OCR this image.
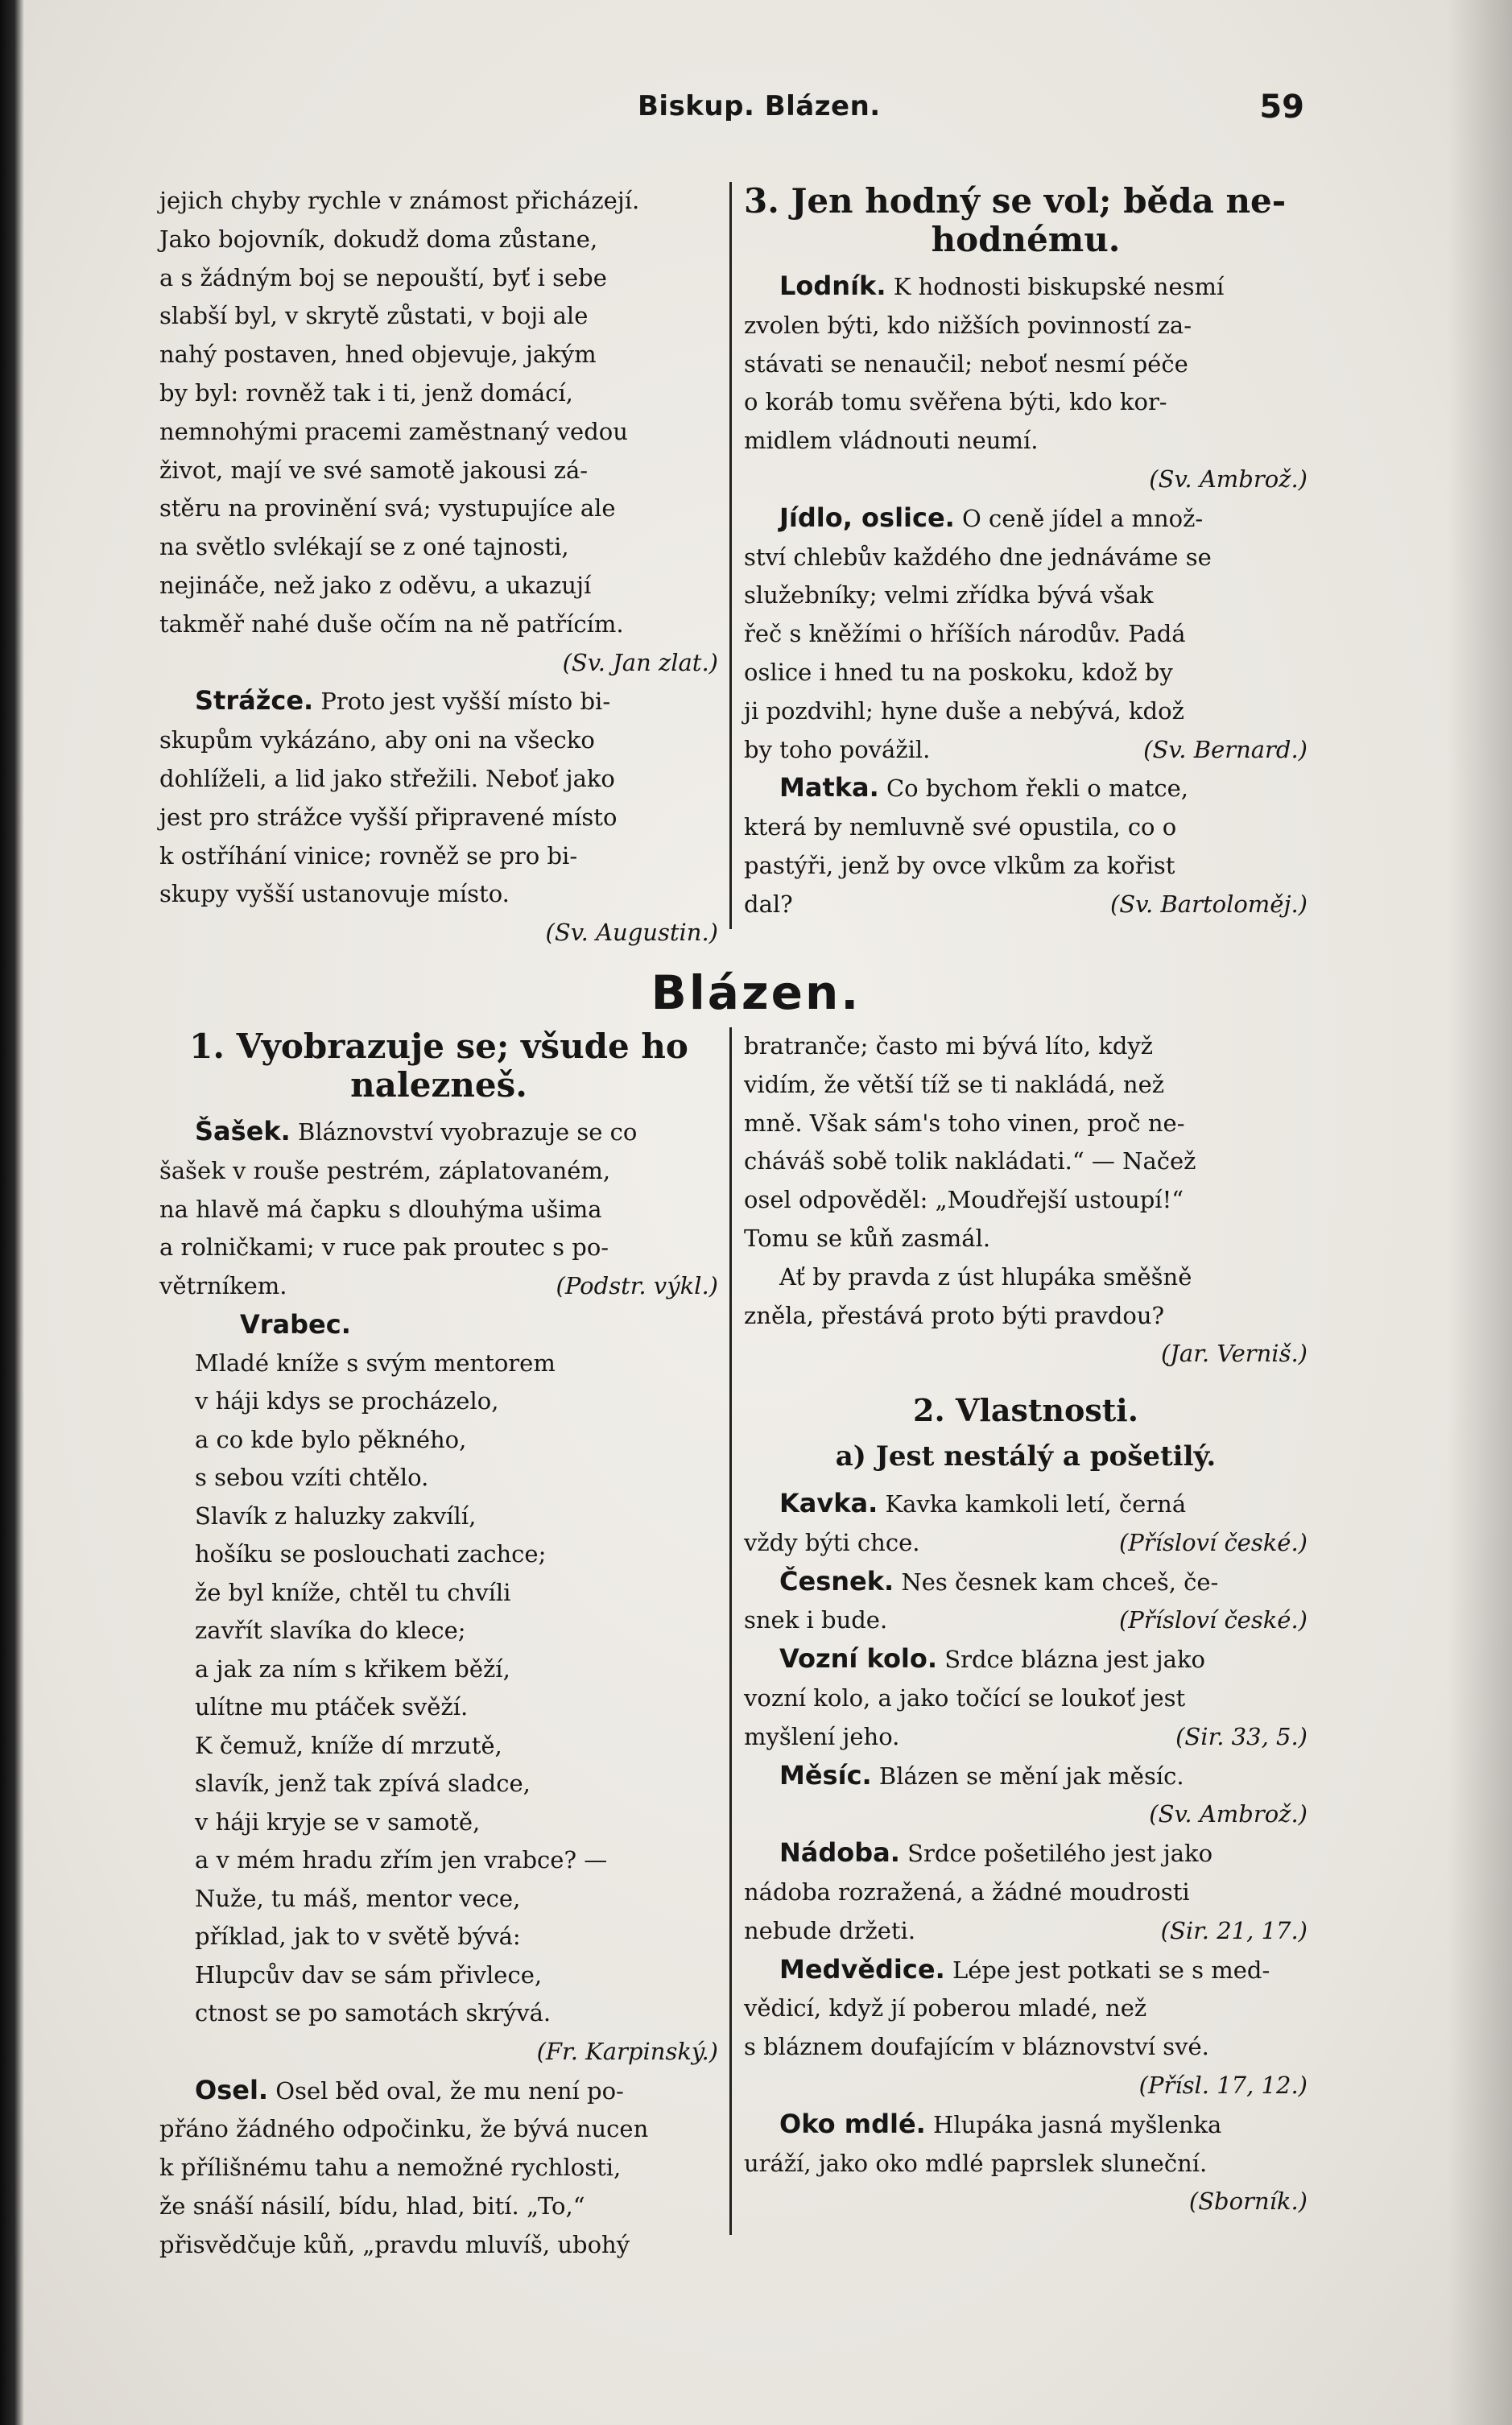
Biskup. Blázen.	59

jejich chyby rychle v známost přicházejí.

Jako bojovník, dokudž doma zůstane,

a s žádným boj se nepouští, byť i sebe

slabší byl, v skrytě zůstati, v boji ale

nahý postaven, hned objevuje, jakým

by byl: rovněž tak i ti, jenž domácí,

nemnohými pracemi zaměstnaný vedou

život, mají ve své samotě jakousi zá-

stěru na provinění svá; vystupujíce ale

na světlo svlékají se z oné tajnosti,

nejináče, než jako z oděvu, a ukazují

takměř nahé duše očím na ně patřícím.

(Sv. Jan zlat.)

Strážce. Proto jest vyšší místo bi-

skupům vykázáno, aby oni na všecko

dohlíželi, a lid jako střežili. Neboť jako

jest pro strážce vyšší připravené místo

k ostříhání vinice; rovněž se pro bi-

skupy vyšší ustanovuje místo.

(Sv. Augustin.)

3. Jen hodný se vol; běda ne-

hodnému.

Lodník. K hodnosti biskupské nesmí

zvolen býti, kdo nižších povinností za-

stávati se nenaučil; neboť nesmí péče

o koráb tomu svěřena býti, kdo kor-

midlem vládnouti neumí.

(Sv. Ambrož.)

Jídlo, oslice. O ceně jídel a množ-

ství chlebův každého dne jednáváme se

služebníky; velmi zřídka bývá však

řeč s kněžími o hříších národův. Padá

oslice i hned tu na poskoku, kdož by

ji pozdvihl; hyne duše a nebývá, kdož

by toho povážil.	(Sv. Bernard.)

Matka. Co bychom řekli o matce,

která by nemluvně své opustila, co o

pastýři, jenž by ovce vlkům za kořist

dal?	(Sv. Bartoloměj.)

Blázen.

1. Vyobrazuje se; všude ho

nalezneš.

Šašek. Bláznovství vyobrazuje se co

šašek v rouše pestrém, záplatovaném,

na hlavě má čapku s dlouhýma ušima

a rolničkami; v ruce pak proutec s po-

větrníkem.	(Podstr. výkl.)

Vrabec.

Mladé kníže s svým mentorem

v háji kdys se procházelo,

a co kde bylo pěkného,

s sebou vzíti chtělo.

Slavík z haluzky zakvílí,

hošíku se poslouchati zachce;

že byl kníže, chtěl tu chvíli

zavřít slavíka do klece;

a jak za ním s křikem běží,

ulítne mu ptáček svěží.

K čemuž, kníže dí mrzutě,

slavík, jenž tak zpívá sladce,

v háji kryje se v samotě,

a v mém hradu zřím jen vrabce? —

Nuže, tu máš, mentor vece,

příklad, jak to v světě bývá:

Hlupcův dav se sám přivlece,

ctnost se po samotách skrývá.

(Fr. Karpinský.)

Osel. Osel běd oval, že mu není po-

přáno žádného odpočinku, že bývá nucen

k přílišnému tahu a nemožné rychlosti,

že snáší násilí, bídu, hlad, bití. „To,“

přisvědčuje kůň, „pravdu mluvíš, ubohý

bratranče; často mi bývá líto, když

vidím, že větší tíž se ti nakládá, než

mně. Však sám's toho vinen, proč ne-

cháváš sobě tolik nakládati.“ — Načež

osel odpověděl: „Moudřejší ustoupí!“

Tomu se kůň zasmál.

Ať by pravda z úst hlupáka směšně

zněla, přestává proto býti pravdou?

(Jar. Verniš.)

2. Vlastnosti.

a) Jest nestálý a pošetilý.

Kavka. Kavka kamkoli letí, černá

vždy býti chce.	(Přísloví české.)

Česnek. Nes česnek kam chceš, če-

snek i bude.	(Přísloví české.)

Vozní kolo. Srdce blázna jest jako

vozní kolo, a jako točící se loukoť jest

myšlení jeho.	(Sir. 33, 5.)

Měsíc. Blázen se mění jak měsíc.

(Sv. Ambrož.)

Nádoba. Srdce pošetilého jest jako

nádoba rozražená, a žádné moudrosti

nebude držeti.	(Sir. 21, 17.)

Medvědice. Lépe jest potkati se s med-

vědicí, když jí poberou mladé, než

s bláznem doufajícím v bláznovství své.

(Přísl. 17, 12.)

Oko mdlé. Hlupáka jasná myšlenka

uráží, jako oko mdlé paprslek sluneční.

(Sborník.)
